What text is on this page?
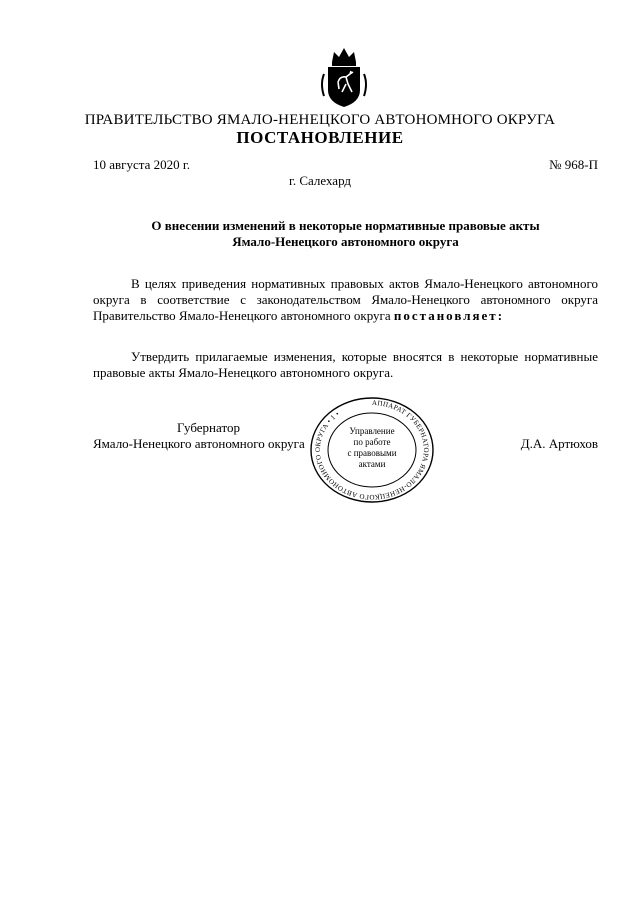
ПРАВИТЕЛЬСТВО ЯМАЛО-НЕНЕЦКОГО АВТОНОМНОГО ОКРУГА
ПОСТАНОВЛЕНИЕ
10 августа 2020 г.	№ 968-П
г. Салехард
О внесении изменений в некоторые нормативные правовые акты
Ямало-Ненецкого автономного округа
В целях приведения нормативных правовых актов Ямало-Ненецкого автономного округа в соответствие с законодательством Ямало-Ненецкого автономного округа Правительство Ямало-Ненецкого автономного округа постановляет:
Утвердить прилагаемые изменения, которые вносятся в некоторые нормативные правовые акты Ямало-Ненецкого автономного округа.
АППАРАТ ГУБЕРНАТОРА ЯМАЛО-НЕНЕЦКОГО АВТОНОМНОГО ОКРУГА • 1 •
Управление
по работе
с правовыми
актами
Губернатор
Ямало-Ненецкого автономного округа	Д.А. Артюхов
